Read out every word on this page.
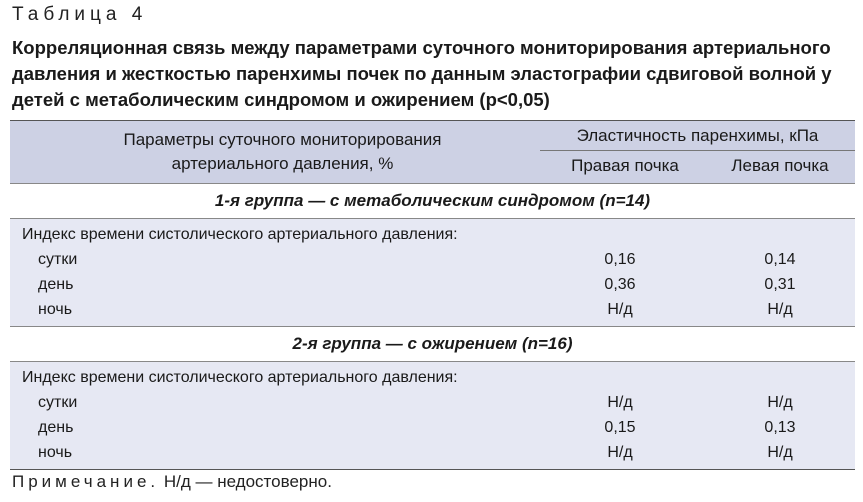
Таблица 4
Корреляционная связь между параметрами суточного мониторирования артериального давления и жесткостью паренхимы почек по данным эластографии сдвиговой волной у детей с метаболическим синдромом и ожирением (p<0,05)
Параметры суточного мониторирования
артериального давления, %
Эластичность паренхимы, кПа
Правая почка	Левая почка
1-я группа — с метаболическим синдромом (n=14)
Индекс времени систолического артериального давления:
сутки	0,16	0,14
день	0,36	0,31
ночь	Н/д	Н/д
2-я группа — с ожирением (n=16)
Индекс времени систолического артериального давления:
сутки	Н/д	Н/д
день	0,15	0,13
ночь	Н/д	Н/д
Примечание. Н/д — недостоверно.
